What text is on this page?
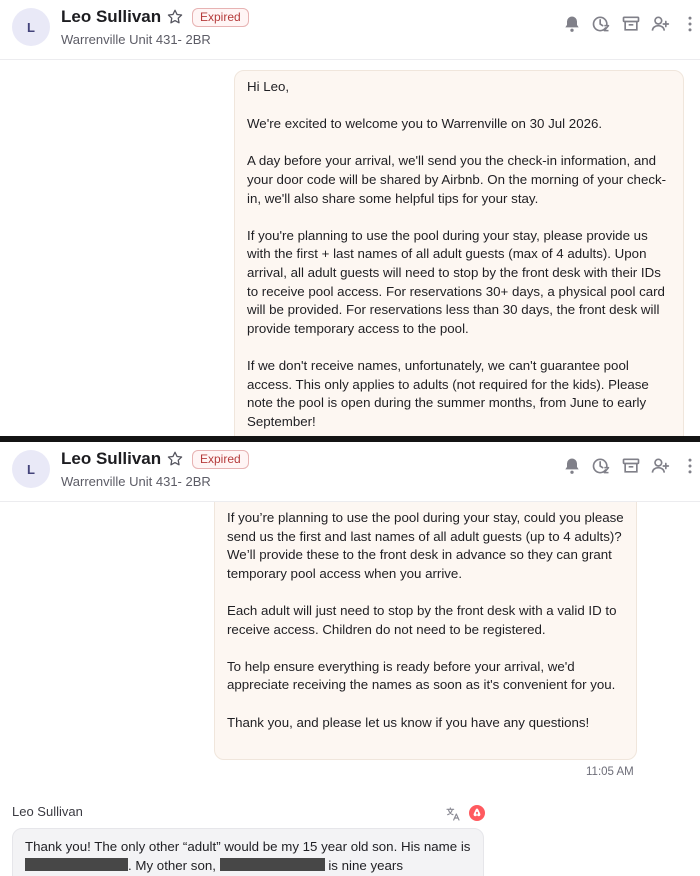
Hi Leo,

We're excited to welcome you to Warrenville on 30 Jul 2026.

A day before your arrival, we'll send you the check-in information, and your door code will be shared by Airbnb. On the morning of your check-in, we'll also share some helpful tips for your stay.

If you're planning to use the pool during your stay, please provide us with the first + last names of all adult guests (max of 4 adults). Upon arrival, all adult guests will need to stop by the front desk with their IDs to receive pool access. For reservations 30+ days, a physical pool card will be provided. For reservations less than 30 days, the front desk will provide temporary access to the pool.

If we don't receive names, unfortunately, we can't guarantee pool access. This only applies to adults (not required for the kids). Please note the pool is open during the summer months, from June to early September!

L
Leo Sullivan	Expired
Warrenville Unit 431- 2BR

If you’re planning to use the pool during your stay, could you please send us the first and last names of all adult guests (up to 4 adults)? We’ll provide these to the front desk in advance so they can grant temporary pool access when you arrive.

Each adult will just need to stop by the front desk with a valid ID to receive access. Children do not need to be registered.

To help ensure everything is ready before your arrival, we'd appreciate receiving the names as soon as it's convenient for you.

Thank you, and please let us know if you have any questions!

11:05 AM
Leo Sullivan
Thank you! The only other “adult” would be my 15 year old son. His name is . My other son,	is nine years
L
Leo Sullivan	Expired
Warrenville Unit 431- 2BR
